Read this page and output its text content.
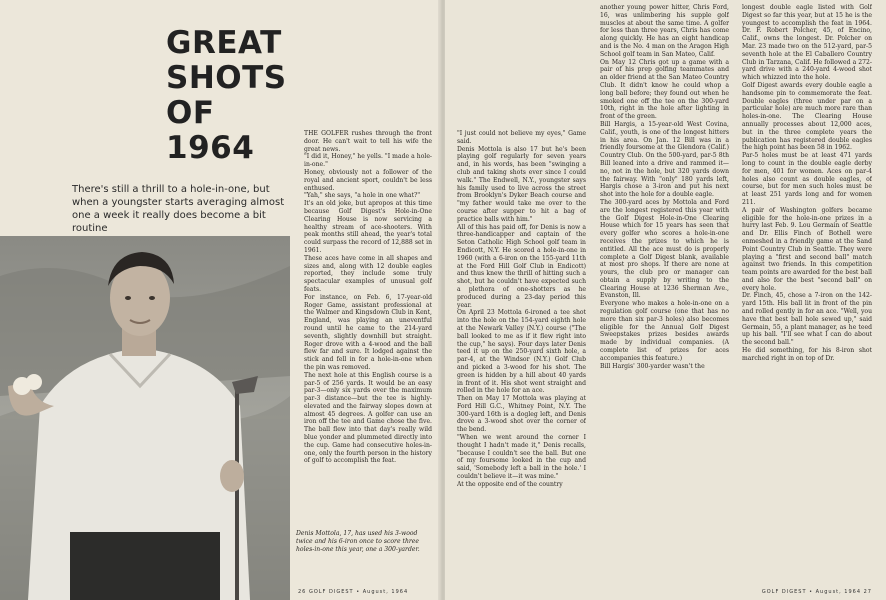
GREAT
SHOTS
OF
1964

There's still a thrill to a hole-in-one, but when a youngster starts averaging almost one a week it really does become a bit routine

THE GOLFER rushes through the front door. He can't wait to tell his wife the great news.

"I did it, Honey," he yells. "I made a hole-in-one."

Honey, obviously not a follower of the royal and ancient sport, couldn't be less enthused.

"Yah," she says, "a hole in one what?"

It's an old joke, but apropos at this time because Golf Digest's Hole-in-One Clearing House is now servicing a healthy stream of ace-shooters. With peak months still ahead, the year's total could surpass the record of 12,888 set in 1961.

These aces have come in all shapes and sizes and, along with 12 double eagles reported, they include some truly spectacular examples of unusual golf feats.

For instance, on Feb. 6, 17-year-old Roger Game, assistant professional at the Walmer and Kingsdown Club in Kent, England, was playing an uneventful round until he came to the 214-yard seventh, slightly downhill but straight. Roger drove with a 4-wood and the ball flew far and sure. It lodged against the stick and fell in for a hole-in-one when the pin was removed.

The next hole at this English course is a par-5 of 256 yards. It would be an easy par-3—only six yards over the maximum par-3 distance—but the tee is highly-elevated and the fairway slopes down at almost 45 degrees. A golfer can use an iron off the tee and Game chose the five. The ball flew into that day's really wild blue yonder and plummeted directly into the cup. Game had consecutive holes-in-one, only the fourth person in the history of golf to accomplish the feat.

Denis Mottola, 17, has used his 3-wood twice and his 6-iron once to score three holes-in-one this year, one a 300-yarder.

26 GOLF DIGEST • August, 1964

"I just could not believe my eyes," Game said.

Denis Mottola is also 17 but he's been playing golf regularly for seven years and, in his words, has been "swinging a club and taking shots ever since I could walk." The Endwell, N.Y., youngster says his family used to live across the street from Brooklyn's Dyker Beach course and "my father would take me over to the course after supper to hit a bag of practice balls with him."

All of this has paid off, for Denis is now a three-handicapper and captain of the Seton Catholic High School golf team in Endicott, N.Y. He scored a hole-in-one in 1960 (with a 6-iron on the 155-yard 11th at the Ford Hill Golf Club in Endicott) and thus knew the thrill of hitting such a shot, but he couldn't have expected such a plethora of one-shotters as he produced during a 23-day period this year.

On April 23 Mottola 6-ironed a tee shot into the hole on the 154-yard eighth hole at the Newark Valley (N.Y.) course ("The ball looked to me as if it flew right into the cup," he says). Four days later Denis teed it up on the 250-yard sixth hole, a par-4, at the Windsor (N.Y.) Golf Club and picked a 3-wood for his shot. The green is hidden by a hill about 40 yards in front of it. His shot went straight and rolled in the hole for an ace.

Then on May 17 Mottola was playing at Ford Hill G.C., Whitney Point, N.Y. The 300-yard 16th is a dogleg left, and Denis drove a 3-wood shot over the corner of the bend.

"When we went around the corner I thought I hadn't made it," Denis recalls, "because I couldn't see the ball. But one of my foursome looked in the cup and said, 'Somebody left a ball in the hole.' I couldn't believe it—it was mine."

At the opposite end of the country

another young power hitter, Chris Ford, 16, was unlimbering his supple golf muscles at about the same time. A golfer for less than three years, Chris has come along quickly. He has an eight handicap and is the No. 4 man on the Aragon High School golf team in San Mateo, Calif.

On May 12 Chris got up a game with a pair of his prep golfing teammates and an older friend at the San Mateo Country Club. It didn't know he could whop a long ball before; they found out when he smoked one off the tee on the 300-yard 10th, right in the hole after lighting in front of the green.

Bill Hargis, a 15-year-old West Covina, Calif., youth, is one of the longest hitters in his area. On Jan. 12 Bill was in a friendly foursome at the Glendora (Calif.) Country Club. On the 500-yard, par-5 8th Bill leaned into a drive and rammed it—no, not in the hole, but 320 yards down the fairway. With "only" 180 yards left, Hargis chose a 3-iron and put his next shot into the hole for a double eagle.

The 300-yard aces by Mottola and Ford are the longest registered this year with the Golf Digest Hole-in-One Clearing House which for 15 years has seen that every golfer who scores a hole-in-one receives the prizes to which he is entitled. All the ace must do is properly complete a Golf Digest blank, available at most pro shops. If there are none at yours, the club pro or manager can obtain a supply by writing to the Clearing House at 1236 Sherman Ave., Evanston, Ill.

Everyone who makes a hole-in-one on a regulation golf course (one that has no more than six par-3 holes) also becomes eligible for the Annual Golf Digest Sweepstakes prizes besides awards made by individual companies. (A complete list of prizes for aces accompanies this feature.)

Bill Hargis' 300-yarder wasn't the

longest double eagle listed with Golf Digest so far this year, but at 15 he is the youngest to accomplish the feat in 1964. Dr. F. Robert Polcher, 45, of Encino, Calif., owns the longest. Dr. Polcher on Mar. 23 made two on the 512-yard, par-5 seventh hole at the El Caballero Country Club in Tarzana, Calif. He followed a 272-yard drive with a 240-yard 4-wood shot which whizzed into the hole.

Golf Digest awards every double eagle a handsome pin to commemorate the feat. Double eagles (three under par on a particular hole) are much more rare than holes-in-one. The Clearing House annually processes about 12,000 aces, but in the three complete years the publication has registered double eagles the high point has been 58 in 1962.

Par-5 holes must be at least 471 yards long to count in the double eagle derby for men, 401 for women. Aces on par-4 holes also count as double eagles, of course, but for men such holes must be at least 251 yards long and for women 211.

A pair of Washington golfers became eligible for the hole-in-one prizes in a hurry last Feb. 9. Lou Germain of Seattle and Dr. Ellis Finch of Bothell were enmeshed in a friendly game at the Sand Point Country Club in Seattle. They were playing a "first and second ball" match against two friends. In this competition team points are awarded for the best ball and also for the best "second ball" on every hole.

Dr. Finch, 45, chose a 7-iron on the 142-yard 15th. His ball lit in front of the pin and rolled gently in for an ace. "Well, you have that best ball hole sewed up," said Germain, 55, a plant manager, as he teed up his ball. "I'll see what I can do about the second ball."

He did something, for his 8-iron shot marched right in on top of Dr.

GOLF DIGEST • August, 1964 27
